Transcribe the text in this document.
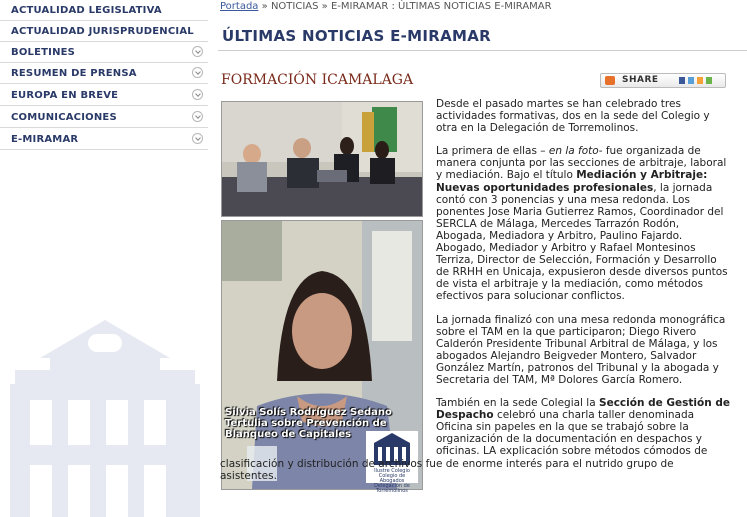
ACTUALIDAD LEGISLATIVA
ACTUALIDAD JURISPRUDENCIAL
BOLETINES
RESUMEN DE PRENSA
EUROPA EN BREVE
COMUNICACIONES
E-MIRAMAR
Portada » NOTICIAS » E-MIRAMAR : ÚLTIMAS NOTICIAS E-MIRAMAR
ÚLTIMAS NOTICIAS E-MIRAMAR
FORMACIÓN ICAMALAGA	SHARE
Silvia Solís Rodríguez Sedano
Tertulia sobre Prevención de
Blanqueo de Capitales
Ilustre Colegio
Colegio de Abogados
Delegación de Torremolinos

Desde el pasado martes se han celebrado tres actividades formativas, dos en la sede del Colegio y otra en la Delegación de Torremolinos.

La primera de ellas – en la foto- fue organizada de manera conjunta por las secciones de arbitraje, laboral y mediación. Bajo el título Mediación y Arbitraje: Nuevas oportunidades profesionales, la jornada contó con 3 ponencias y una mesa redonda. Los ponentes Jose Maria Gutierrez Ramos, Coordinador del SERCLA de Málaga, Mercedes Tarrazón Rodón, Abogada, Mediadora y Arbitro, Paulino Fajardo. Abogado, Mediador y Arbitro y Rafael Montesinos Terriza, Director de Selección, Formación y Desarrollo de RRHH en Unicaja, expusieron desde diversos puntos de vista el arbitraje y la mediación, como métodos efectivos para solucionar conflictos.

La jornada finalizó con una mesa redonda monográfica sobre el TAM en la que participaron; Diego Rivero Calderón Presidente Tribunal Arbitral de Málaga, y los abogados Alejandro Beigveder Montero, Salvador González Martín, patronos del Tribunal y la abogada y Secretaria del TAM, Mª Dolores García Romero.

También en la sede Colegial la Sección de Gestión de Despacho celebró una charla taller denominada Oficina sin papeles en la que se trabajó sobre la organización de la documentación en despachos y oficinas. LA explicación sobre métodos cómodos de

clasificación y distribución de archivos fue de enorme interés para el nutrido grupo de asistentes.
